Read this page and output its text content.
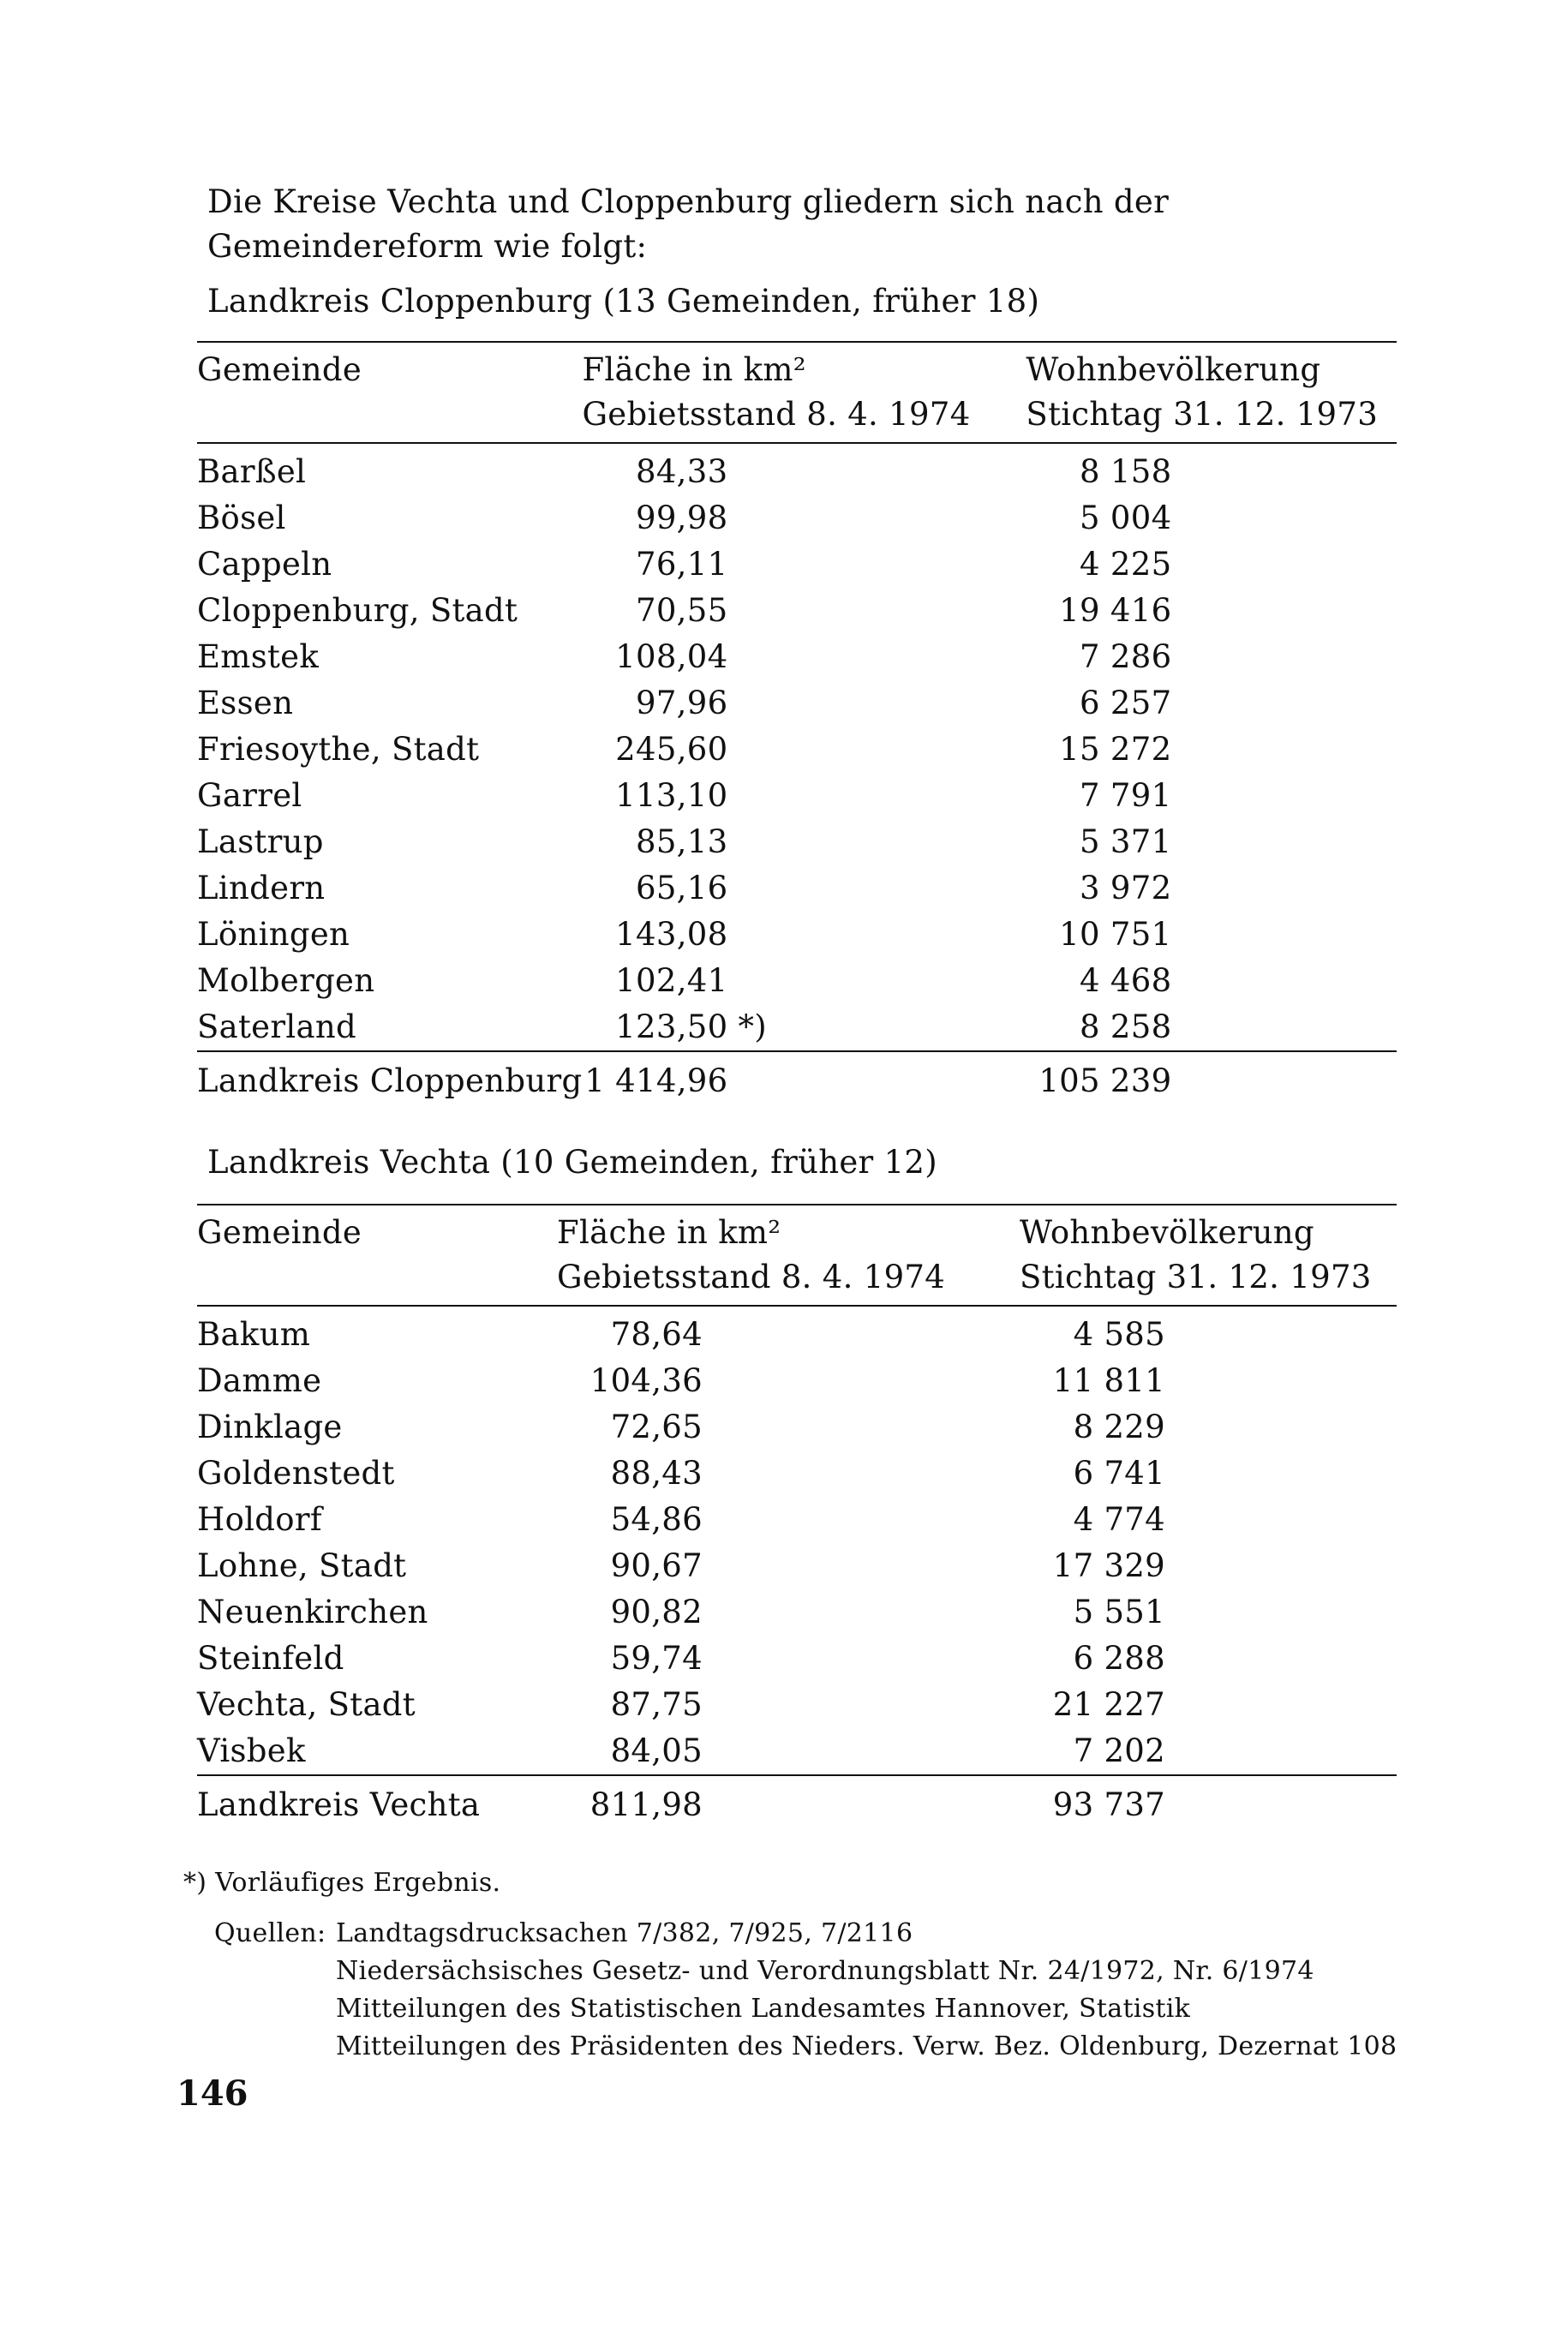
Die Kreise Vechta und Cloppenburg gliedern sich nach der Gemeindereform wie folgt:
Landkreis Cloppenburg (13 Gemeinden, früher 18)
Gemeinde	Fläche in km²	Wohnbevölkerung
	Gebietsstand 8. 4. 1974	Stichtag 31. 12. 1973
Barßel	84,33	8 158
Bösel	99,98	5 004
Cappeln	76,11	4 225
Cloppenburg, Stadt	70,55	19 416
Emstek	108,04	7 286
Essen	97,96	6 257
Friesoythe, Stadt	245,60	15 272
Garrel	113,10	7 791
Lastrup	85,13	5 371
Lindern	65,16	3 972
Löningen	143,08	10 751
Molbergen	102,41	4 468
Saterland	123,50 *)	8 258
Landkreis Cloppenburg	1 414,96	105 239
Landkreis Vechta (10 Gemeinden, früher 12)
Gemeinde	Fläche in km²	Wohnbevölkerung
	Gebietsstand 8. 4. 1974	Stichtag 31. 12. 1973
Bakum	78,64	4 585
Damme	104,36	11 811
Dinklage	72,65	8 229
Goldenstedt	88,43	6 741
Holdorf	54,86	4 774
Lohne, Stadt	90,67	17 329
Neuenkirchen	90,82	5 551
Steinfeld	59,74	6 288
Vechta, Stadt	87,75	21 227
Visbek	84,05	7 202
Landkreis Vechta	811,98	93 737
*) Vorläufiges Ergebnis.
Quellen: Landtagsdrucksachen 7/382, 7/925, 7/2116
Niedersächsisches Gesetz- und Verordnungsblatt Nr. 24/1972, Nr. 6/1974
Mitteilungen des Statistischen Landesamtes Hannover, Statistik
Mitteilungen des Präsidenten des Nieders. Verw. Bez. Oldenburg, Dezernat 108
146
